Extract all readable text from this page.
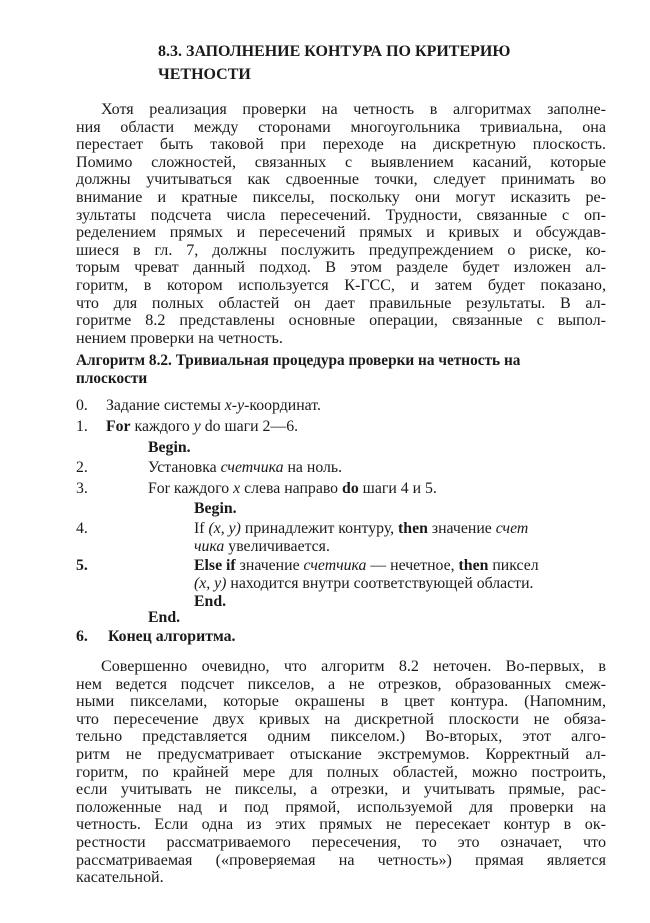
8.3. ЗАПОЛНЕНИЕ КОНТУРА ПО КРИТЕРИЮ
ЧЕТНОСТИ
Хотя реализация проверки на четность в алгоритмах заполне-
ния области между сторонами многоугольника тривиальна, она
перестает быть таковой при переходе на дискретную плоскость.
Помимо сложностей, связанных с выявлением касаний, которые
должны учитываться как сдвоенные точки, следует принимать во
внимание и кратные пикселы, поскольку они могут исказить ре-
зультаты подсчета числа пересечений. Трудности, связанные с оп-
ределением прямых и пересечений прямых и кривых и обсуждав-
шиеся в гл. 7, должны послужить предупреждением о риске, ко-
торым чреват данный подход. В этом разделе будет изложен ал-
горитм, в котором используется К-ГСС, и затем будет показано,
что для полных областей он дает правильные результаты. В ал-
горитме 8.2 представлены основные операции, связанные с выпол-
нением проверки на четность.
Алгоритм 8.2. Тривиальная процедура проверки на четность на
плоскости
0. Задание системы x-y-координат.
1. For каждого y do шаги 2—6.
Begin.
2.	Установка счетчика на ноль.
3.	For каждого x слева направо do шаги 4 и 5.
Begin.
4.	If (x, y) принадлежит контуру, then значение счет
чика увеличивается.
5.	Else if значение счетчика — нечетное, then пиксел
(x, y) находится внутри соответствующей области.
End.
End.
6. Конец алгоритма.
Совершенно очевидно, что алгоритм 8.2 неточен. Во-первых, в
нем ведется подсчет пикселов, а не отрезков, образованных смеж-
ными пикселами, которые окрашены в цвет контура. (Напомним,
что пересечение двух кривых на дискретной плоскости не обяза-
тельно представляется одним пикселом.) Во-вторых, этот алго-
ритм не предусматривает отыскание экстремумов. Корректный ал-
горитм, по крайней мере для полных областей, можно построить,
если учитывать не пикселы, а отрезки, и учитывать прямые, рас-
положенные над и под прямой, используемой для проверки на
четность. Если одна из этих прямых не пересекает контур в ок-
рестности рассматриваемого пересечения, то это означает, что
рассматриваемая («проверяемая на четность») прямая является
касательной.
